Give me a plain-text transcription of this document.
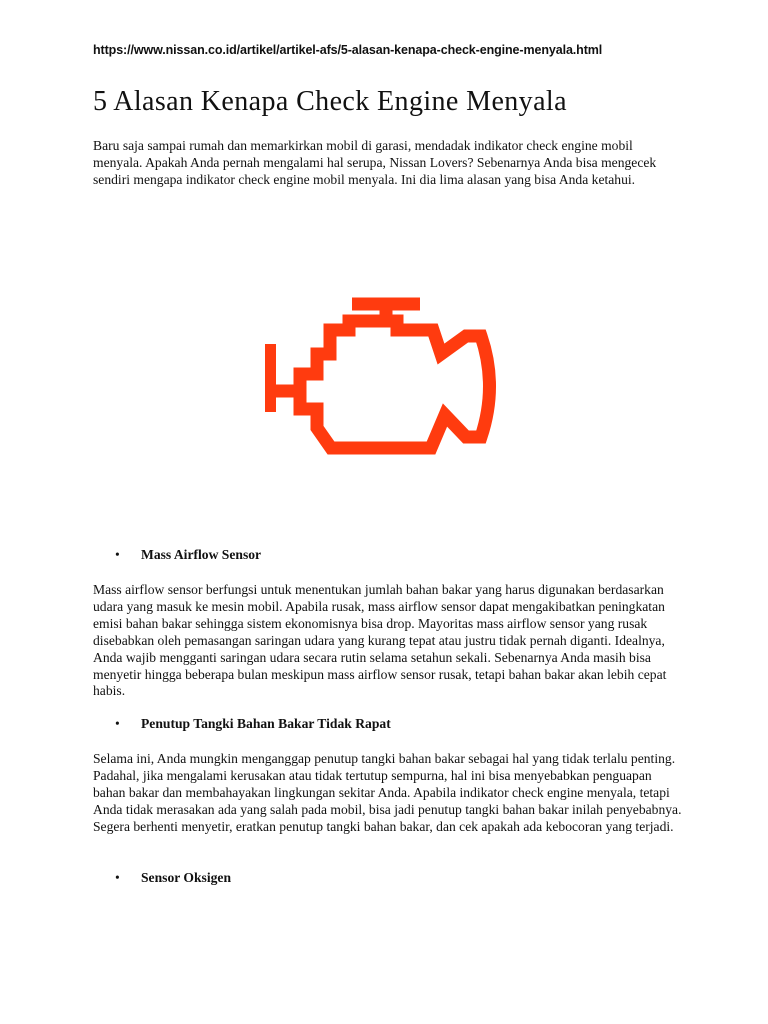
https://www.nissan.co.id/artikel/artikel-afs/5-alasan-kenapa-check-engine-menyala.html
5 Alasan Kenapa Check Engine Menyala

Baru saja sampai rumah dan memarkirkan mobil di garasi, mendadak indikator check engine mobil menyala. Apakah Anda pernah mengalami hal serupa, Nissan Lovers? Sebenarnya Anda bisa mengecek sendiri mengapa indikator check engine mobil menyala. Ini dia lima alasan yang bisa Anda ketahui.

• Mass Airflow Sensor

Mass airflow sensor berfungsi untuk menentukan jumlah bahan bakar yang harus digunakan berdasarkan udara yang masuk ke mesin mobil. Apabila rusak, mass airflow sensor dapat mengakibatkan peningkatan emisi bahan bakar sehingga sistem ekonomisnya bisa drop. Mayoritas mass airflow sensor yang rusak disebabkan oleh pemasangan saringan udara yang kurang tepat atau justru tidak pernah diganti. Idealnya, Anda wajib mengganti saringan udara secara rutin selama setahun sekali. Sebenarnya Anda masih bisa menyetir hingga beberapa bulan meskipun mass airflow sensor rusak, tetapi bahan bakar akan lebih cepat habis.

• Penutup Tangki Bahan Bakar Tidak Rapat

Selama ini, Anda mungkin menganggap penutup tangki bahan bakar sebagai hal yang tidak terlalu penting. Padahal, jika mengalami kerusakan atau tidak tertutup sempurna, hal ini bisa menyebabkan penguapan bahan bakar dan membahayakan lingkungan sekitar Anda. Apabila indikator check engine menyala, tetapi Anda tidak merasakan ada yang salah pada mobil, bisa jadi penutup tangki bahan bakar inilah penyebabnya. Segera berhenti menyetir, eratkan penutup tangki bahan bakar, dan cek apakah ada kebocoran yang terjadi.

• Sensor Oksigen
